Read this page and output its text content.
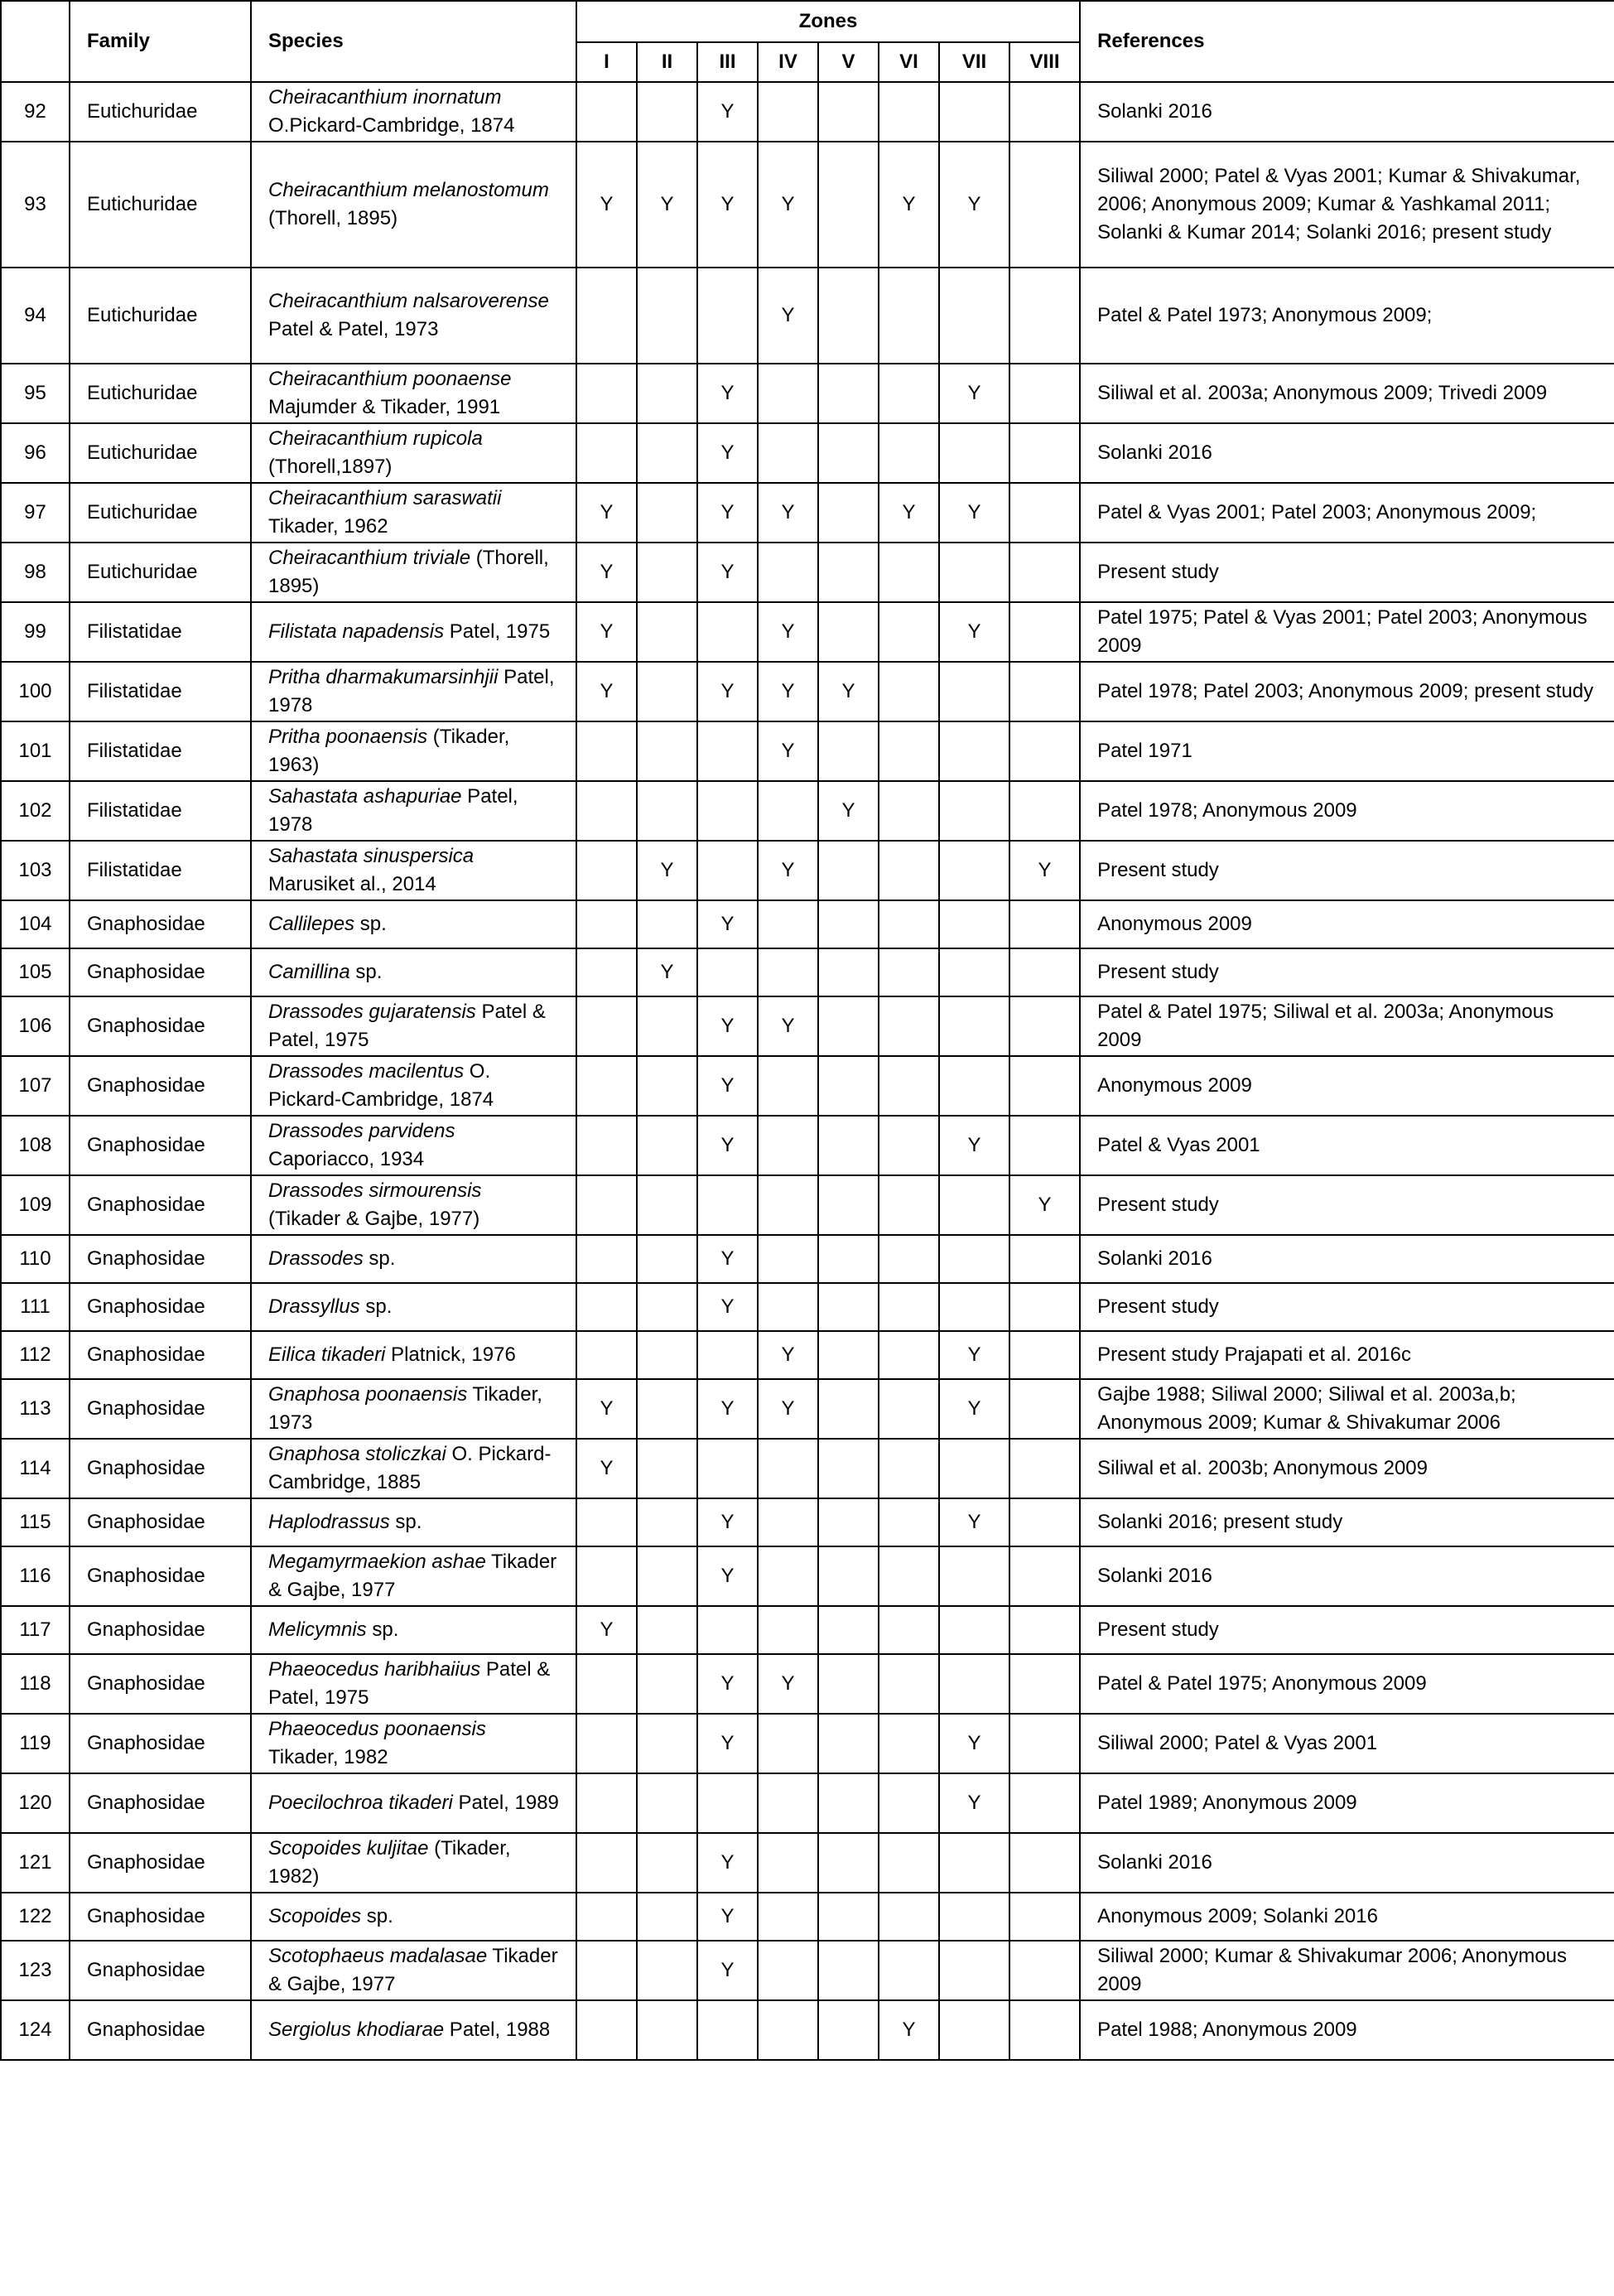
	Family	Species	Zones								References
			I	II	III	IV	V	VI	VII	VIII	
92	Eutichuridae	Cheiracanthium inornatum O.Pickard-Cambridge, 1874			Y						Solanki 2016
93	Eutichuridae	Cheiracanthium melanostomum (Thorell, 1895)	Y	Y	Y	Y		Y	Y		Siliwal 2000; Patel & Vyas 2001; Kumar & Shivakumar, 2006; Anonymous 2009; Kumar & Yashkamal 2011; Solanki & Kumar 2014; Solanki 2016; present study
94	Eutichuridae	Cheiracanthium nalsaroverense Patel & Patel, 1973				Y					Patel & Patel 1973; Anonymous 2009;
95	Eutichuridae	Cheiracanthium poonaense Majumder & Tikader, 1991			Y				Y		Siliwal et al. 2003a; Anonymous 2009; Trivedi 2009
96	Eutichuridae	Cheiracanthium rupicola (Thorell,1897)			Y						Solanki 2016
97	Eutichuridae	Cheiracanthium saraswatii Tikader, 1962	Y		Y	Y		Y	Y		Patel & Vyas 2001; Patel 2003; Anonymous 2009;
98	Eutichuridae	Cheiracanthium triviale (Thorell, 1895)	Y		Y						Present study
99	Filistatidae	Filistata napadensis Patel, 1975	Y			Y			Y		Patel 1975; Patel & Vyas 2001; Patel 2003; Anonymous 2009
100	Filistatidae	Pritha dharmakumarsinhjii Patel, 1978	Y		Y	Y	Y				Patel 1978; Patel 2003; Anonymous 2009; present study
101	Filistatidae	Pritha poonaensis (Tikader, 1963)				Y					Patel 1971
102	Filistatidae	Sahastata ashapuriae Patel, 1978					Y				Patel 1978; Anonymous 2009
103	Filistatidae	Sahastata sinuspersica Marusiket al., 2014		Y		Y				Y	Present study
104	Gnaphosidae	Callilepes sp.			Y						Anonymous 2009
105	Gnaphosidae	Camillina sp.		Y							Present study
106	Gnaphosidae	Drassodes gujaratensis Patel & Patel, 1975			Y	Y					Patel & Patel 1975; Siliwal et al. 2003a; Anonymous 2009
107	Gnaphosidae	Drassodes macilentus O. Pickard-Cambridge, 1874			Y						Anonymous 2009
108	Gnaphosidae	Drassodes parvidens Caporiacco, 1934			Y				Y		Patel & Vyas 2001
109	Gnaphosidae	Drassodes sirmourensis (Tikader & Gajbe, 1977)								Y	Present study
110	Gnaphosidae	Drassodes sp.			Y						Solanki 2016
111	Gnaphosidae	Drassyllus sp.			Y						Present study
112	Gnaphosidae	Eilica tikaderi Platnick, 1976				Y			Y		Present study Prajapati et al. 2016c
113	Gnaphosidae	Gnaphosa poonaensis Tikader, 1973	Y		Y	Y			Y		Gajbe 1988; Siliwal 2000; Siliwal et al. 2003a,b; Anonymous 2009; Kumar & Shivakumar 2006
114	Gnaphosidae	Gnaphosa stoliczkai O. Pickard-Cambridge, 1885	Y								Siliwal et al. 2003b; Anonymous 2009
115	Gnaphosidae	Haplodrassus sp.			Y				Y		Solanki 2016; present study
116	Gnaphosidae	Megamyrmaekion ashae Tikader & Gajbe, 1977			Y						Solanki 2016
117	Gnaphosidae	Melicymnis sp.	Y								Present study
118	Gnaphosidae	Phaeocedus haribhaiius Patel & Patel, 1975			Y	Y					Patel & Patel 1975; Anonymous 2009
119	Gnaphosidae	Phaeocedus poonaensis Tikader, 1982			Y				Y		Siliwal 2000; Patel & Vyas 2001
120	Gnaphosidae	Poecilochroa tikaderi Patel, 1989							Y		Patel 1989; Anonymous 2009
121	Gnaphosidae	Scopoides kuljitae (Tikader, 1982)			Y						Solanki 2016
122	Gnaphosidae	Scopoides sp.			Y						Anonymous 2009; Solanki 2016
123	Gnaphosidae	Scotophaeus madalasae Tikader & Gajbe, 1977			Y						Siliwal 2000; Kumar & Shivakumar 2006; Anonymous 2009
124	Gnaphosidae	Sergiolus khodiarae Patel, 1988						Y			Patel 1988; Anonymous 2009
